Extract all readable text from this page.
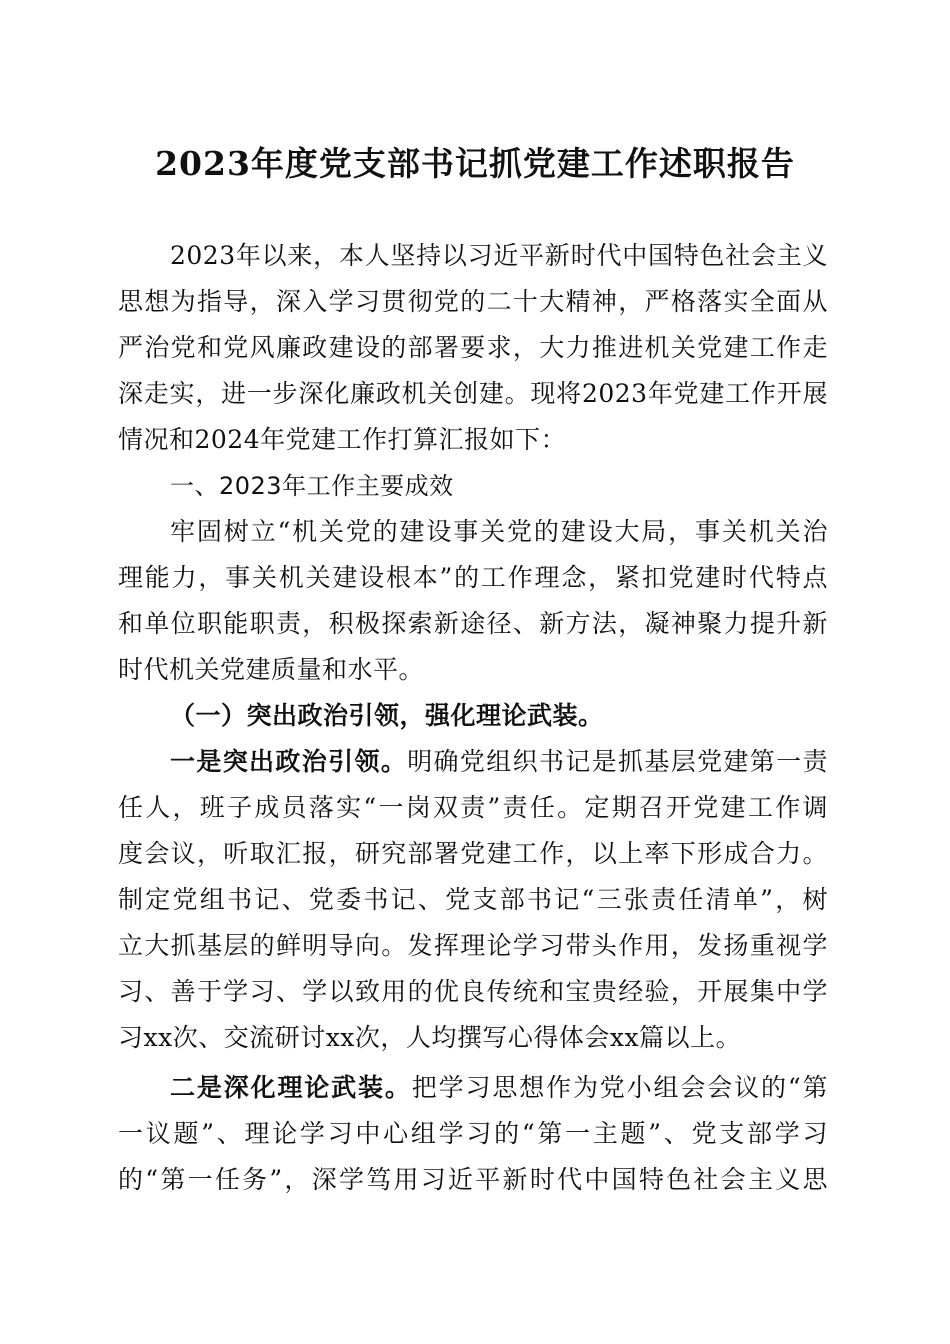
2023年度党支部书记抓党建工作述职报告
2023年以来，本人坚持以习近平新时代中国特色社会主义
思想为指导，深入学习贯彻党的二十大精神，严格落实全面从
严治党和党风廉政建设的部署要求，大力推进机关党建工作走
深走实，进一步深化廉政机关创建。现将2023年党建工作开展
情况和2024年党建工作打算汇报如下：
一、2023年工作主要成效
牢固树立“机关党的建设事关党的建设大局，事关机关治
理能力，事关机关建设根本”的工作理念，紧扣党建时代特点
和单位职能职责，积极探索新途径、新方法，凝神聚力提升新
时代机关党建质量和水平。
（一）突出政治引领，强化理论武装。
一是突出政治引领。明确党组织书记是抓基层党建第一责
任人，班子成员落实“一岗双责”责任。定期召开党建工作调
度会议，听取汇报，研究部署党建工作，以上率下形成合力。
制定党组书记、党委书记、党支部书记“三张责任清单”，树
立大抓基层的鲜明导向。发挥理论学习带头作用，发扬重视学
习、善于学习、学以致用的优良传统和宝贵经验，开展集中学
习xx次、交流研讨xx次，人均撰写心得体会xx篇以上。
二是深化理论武装。把学习思想作为党小组会会议的“第
一议题”、理论学习中心组学习的“第一主题”、党支部学习
的“第一任务”，深学笃用习近平新时代中国特色社会主义思
